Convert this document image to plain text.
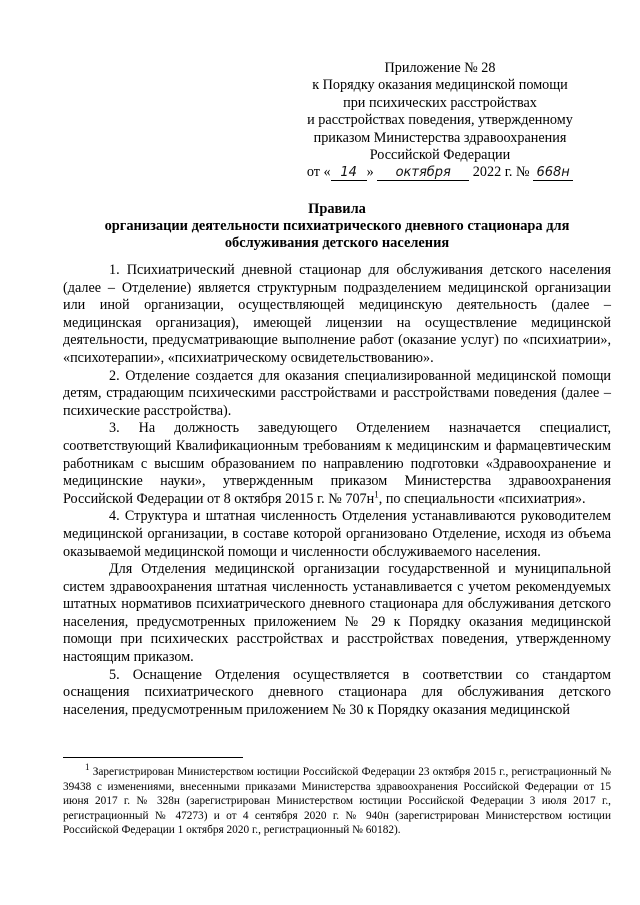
Приложение № 28
к Порядку оказания медицинской помощи
при психических расстройствах
и расстройствах поведения, утвержденному
приказом Министерства здравоохранения
Российской Федерации
от « 14 » октября 2022 г. № 668н
Правила
организации деятельности психиатрического дневного стационара для
обслуживания детского населения

1. Психиатрический дневной стационар для обслуживания детского населения (далее – Отделение) является структурным подразделением медицинской организации или иной организации, осуществляющей медицинскую деятельность (далее – медицинская организация), имеющей лицензии на осуществление медицинской деятельности, предусматривающие выполнение работ (оказание услуг) по «психиатрии», «психотерапии», «психиатрическому освидетельствованию».

2. Отделение создается для оказания специализированной медицинской помощи детям, страдающим психическими расстройствами и расстройствами поведения (далее – психические расстройства).

3. На должность заведующего Отделением назначается специалист, соответствующий Квалификационным требованиям к медицинским и фармацевтическим работникам с высшим образованием по направлению подготовки «Здравоохранение и медицинские науки», утвержденным приказом Министерства здравоохранения Российской Федерации от 8 октября 2015 г. № $707н^1$, по специальности «психиатрия».

4. Структура и штатная численность Отделения устанавливаются руководителем медицинской организации, в составе которой организовано Отделение, исходя из объема оказываемой медицинской помощи и численности обслуживаемого населения.

Для Отделения медицинской организации государственной и муниципальной систем здравоохранения штатная численность устанавливается с учетом рекомендуемых штатных нормативов психиатрического дневного стационара для обслуживания детского населения, предусмотренных приложением № 29 к Порядку оказания медицинской помощи при психических расстройствах и расстройствах поведения, утвержденному настоящим приказом.

5. Оснащение Отделения осуществляется в соответствии со стандартом оснащения психиатрического дневного стационара для обслуживания детского населения, предусмотренным приложением № 30 к Порядку оказания медицинской

$^1$ Зарегистрирован Министерством юстиции Российской Федерации 23 октября 2015 г., регистрационный № 39438 с изменениями, внесенными приказами Министерства здравоохранения Российской Федерации от 15 июня 2017 г. № 328н (зарегистрирован Министерством юстиции Российской Федерации 3 июля 2017 г., регистрационный № 47273) и от 4 сентября 2020 г. № 940н (зарегистрирован Министерством юстиции Российской Федерации 1 октября 2020 г., регистрационный № 60182).
